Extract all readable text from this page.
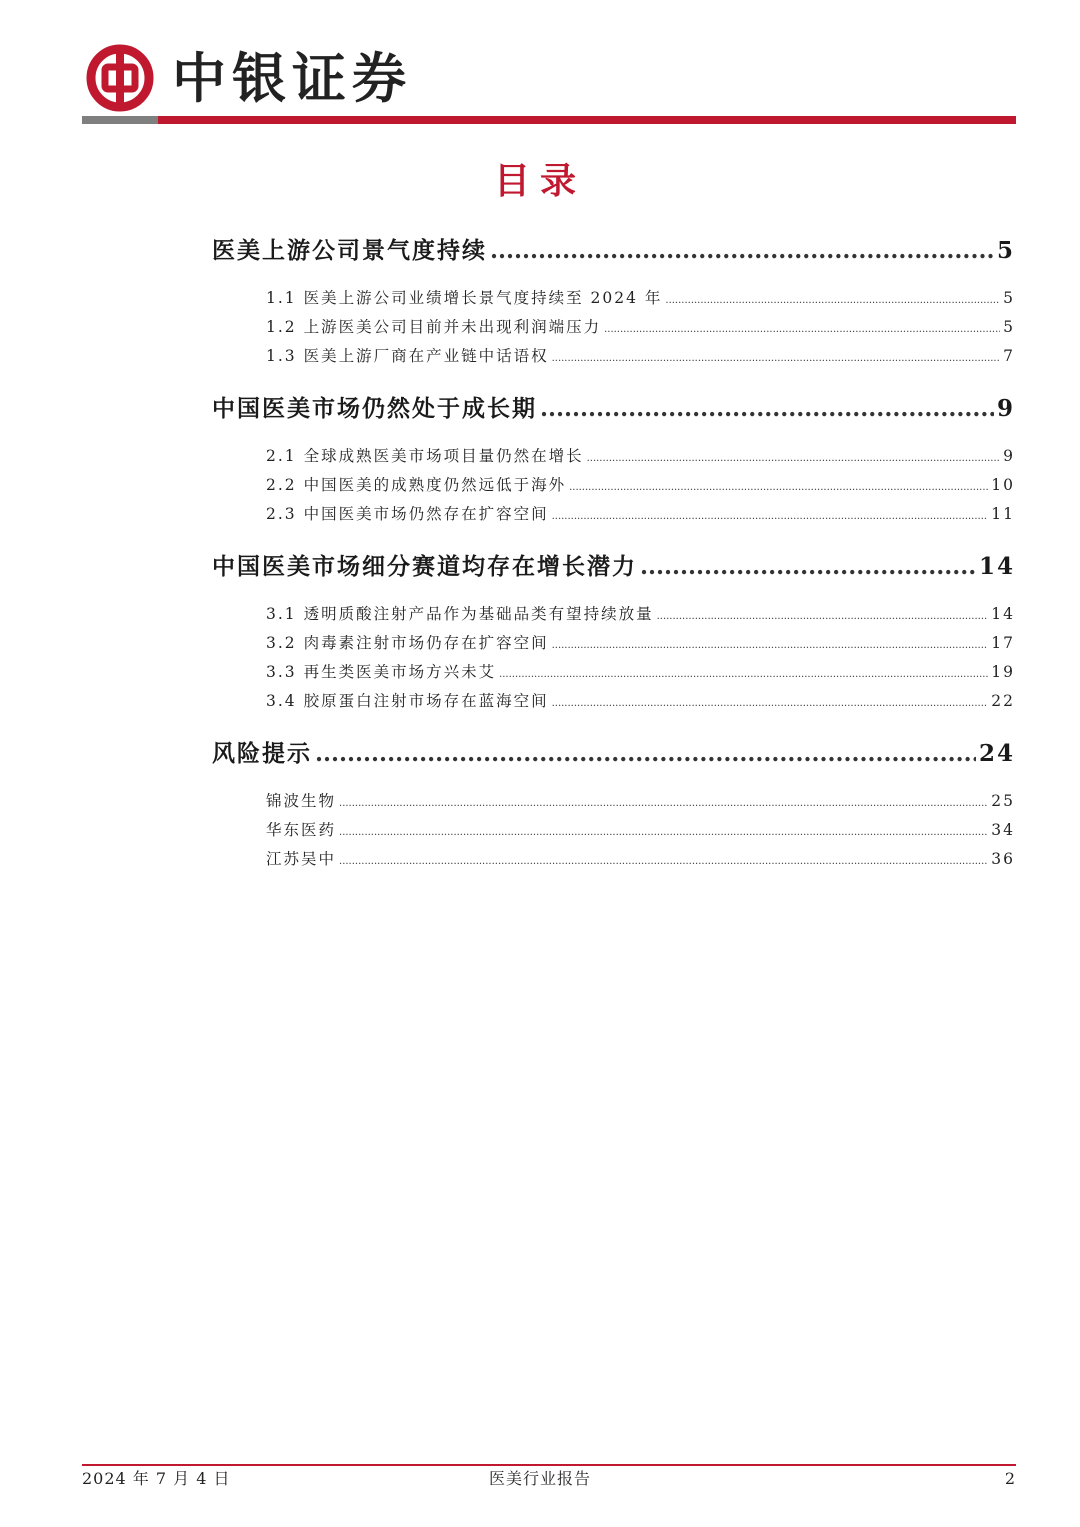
中银证券
目录
医美上游公司景气度持续 .....	5
1.1 医美上游公司业绩增长景气度持续至 2024 年 .....	5
1.2 上游医美公司目前并未出现利润端压力 .....	5
1.3 医美上游厂商在产业链中话语权 .....	7
中国医美市场仍然处于成长期 .....	9
2.1 全球成熟医美市场项目量仍然在增长 .....	9
2.2 中国医美的成熟度仍然远低于海外 .....	10
2.3 中国医美市场仍然存在扩容空间 .....	11
中国医美市场细分赛道均存在增长潜力 .....	14
3.1 透明质酸注射产品作为基础品类有望持续放量 .....	14
3.2 肉毒素注射市场仍存在扩容空间 .....	17
3.3 再生类医美市场方兴未艾 .....	19
3.4 胶原蛋白注射市场存在蓝海空间 .....	22
风险提示 .....	24
锦波生物 .....	25
华东医药 .....	34
江苏吴中 .....	36
2024 年 7 月 4 日	医美行业报告	2
